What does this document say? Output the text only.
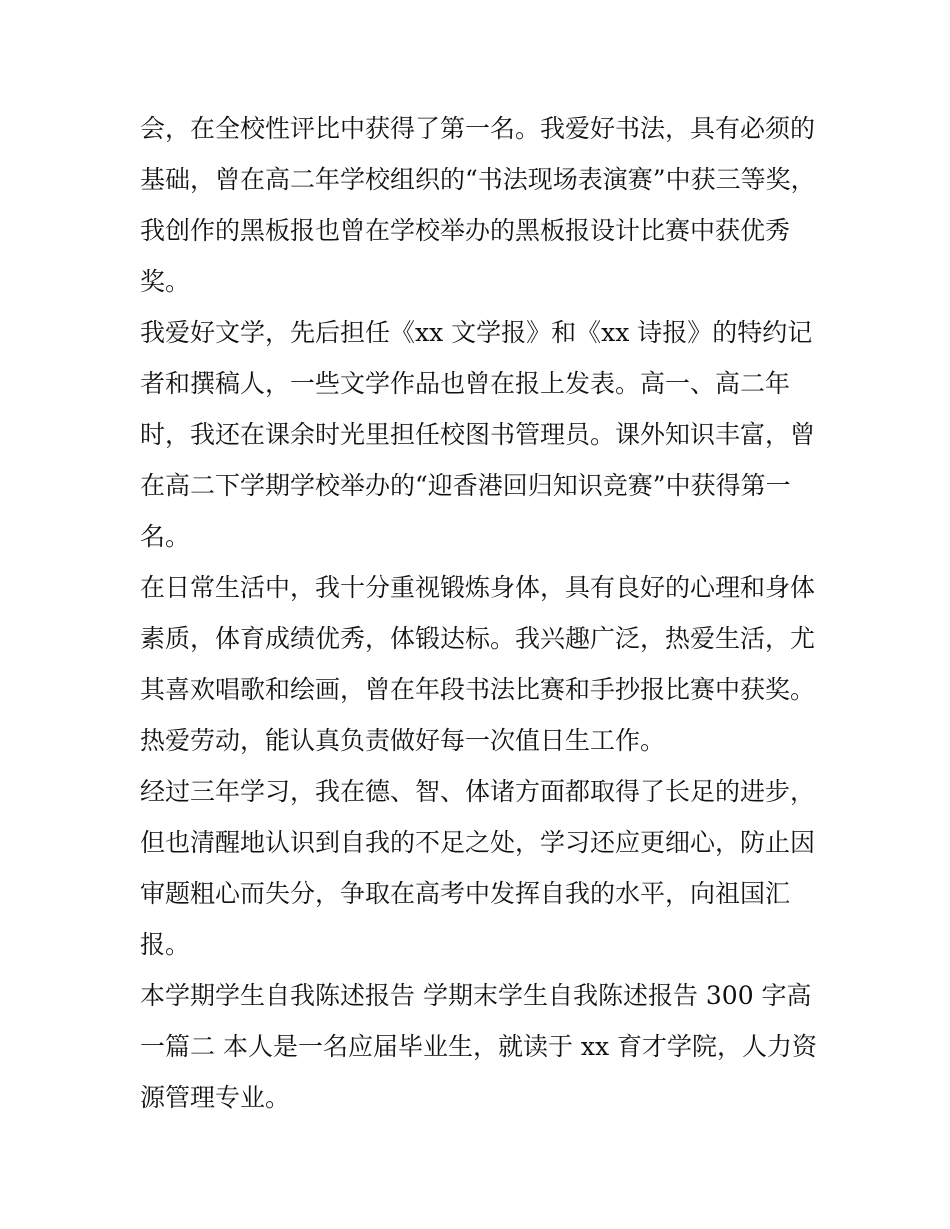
会，在全校性评比中获得了第一名。我爱好书法，具有必须的
基础，曾在高二年学校组织的“书法现场表演赛”中获三等奖，
我创作的黑板报也曾在学校举办的黑板报设计比赛中获优秀
奖。
我爱好文学，先后担任《xx 文学报》和《xx 诗报》的特约记
者和撰稿人，一些文学作品也曾在报上发表。高一、高二年
时，我还在课余时光里担任校图书管理员。课外知识丰富，曾
在高二下学期学校举办的“迎香港回归知识竞赛”中获得第一
名。
在日常生活中，我十分重视锻炼身体，具有良好的心理和身体
素质，体育成绩优秀，体锻达标。我兴趣广泛，热爱生活，尤
其喜欢唱歌和绘画，曾在年段书法比赛和手抄报比赛中获奖。
热爱劳动，能认真负责做好每一次值日生工作。
经过三年学习，我在德、智、体诸方面都取得了长足的进步，
但也清醒地认识到自我的不足之处，学习还应更细心，防止因
审题粗心而失分，争取在高考中发挥自我的水平，向祖国汇
报。
本学期学生自我陈述报告 学期末学生自我陈述报告 300 字高
一篇二 本人是一名应届毕业生，就读于 xx 育才学院，人力资
源管理专业。
